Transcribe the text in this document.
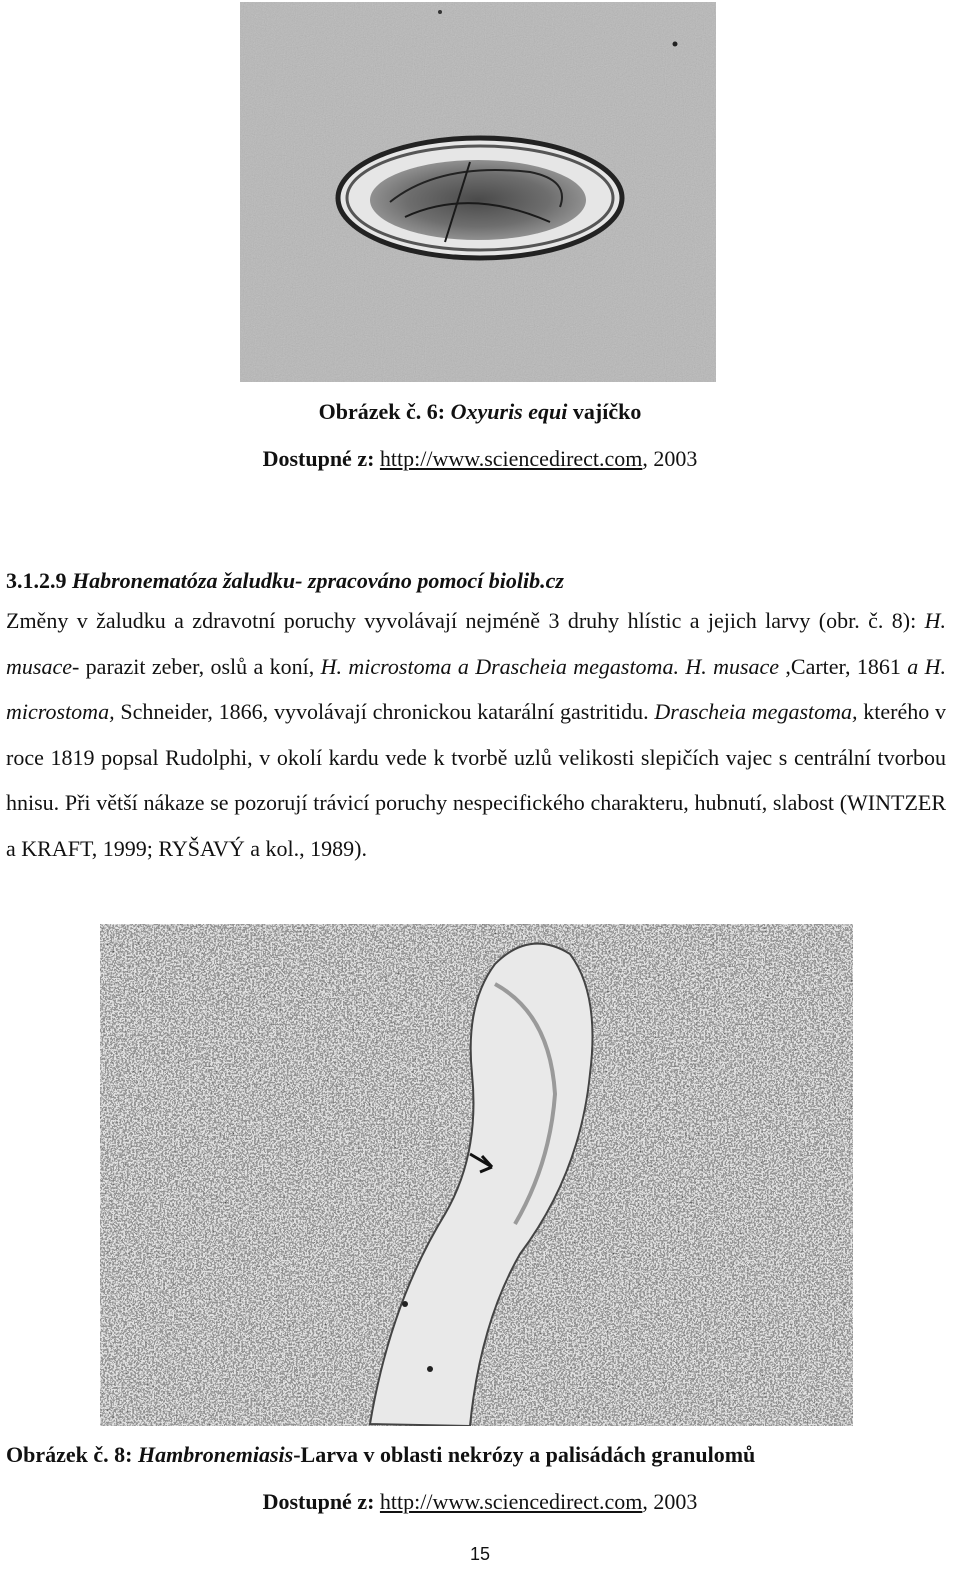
Obrázek č. 6: Oxyuris equi vajíčko
Dostupné z: http://www.sciencedirect.com, 2003
3.1.2.9 Habronematóza žaludku- zpracováno pomocí biolib.cz

Změny v žaludku a zdravotní poruchy vyvolávají nejméně 3 druhy hlístic a jejich larvy (obr. č. 8): H. musace- parazit zeber, oslů a koní, H. microstoma a Drascheia megastoma. H. musace ,Carter, 1861 a H. microstoma, Schneider, 1866, vyvolávají chronickou katarální gastritidu. Drascheia megastoma, kterého v roce 1819 popsal Rudolphi, v okolí kardu vede k tvorbě uzlů velikosti slepičích vajec s centrální tvorbou hnisu. Při větší nákaze se pozorují trávicí poruchy nespecifického charakteru, hubnutí, slabost (WINTZER a KRAFT, 1999; RYŠAVÝ a kol., 1989).

Obrázek č. 8: Hambronemiasis-Larva v oblasti nekrózy a palisádách granulomů
Dostupné z: http://www.sciencedirect.com, 2003
15
